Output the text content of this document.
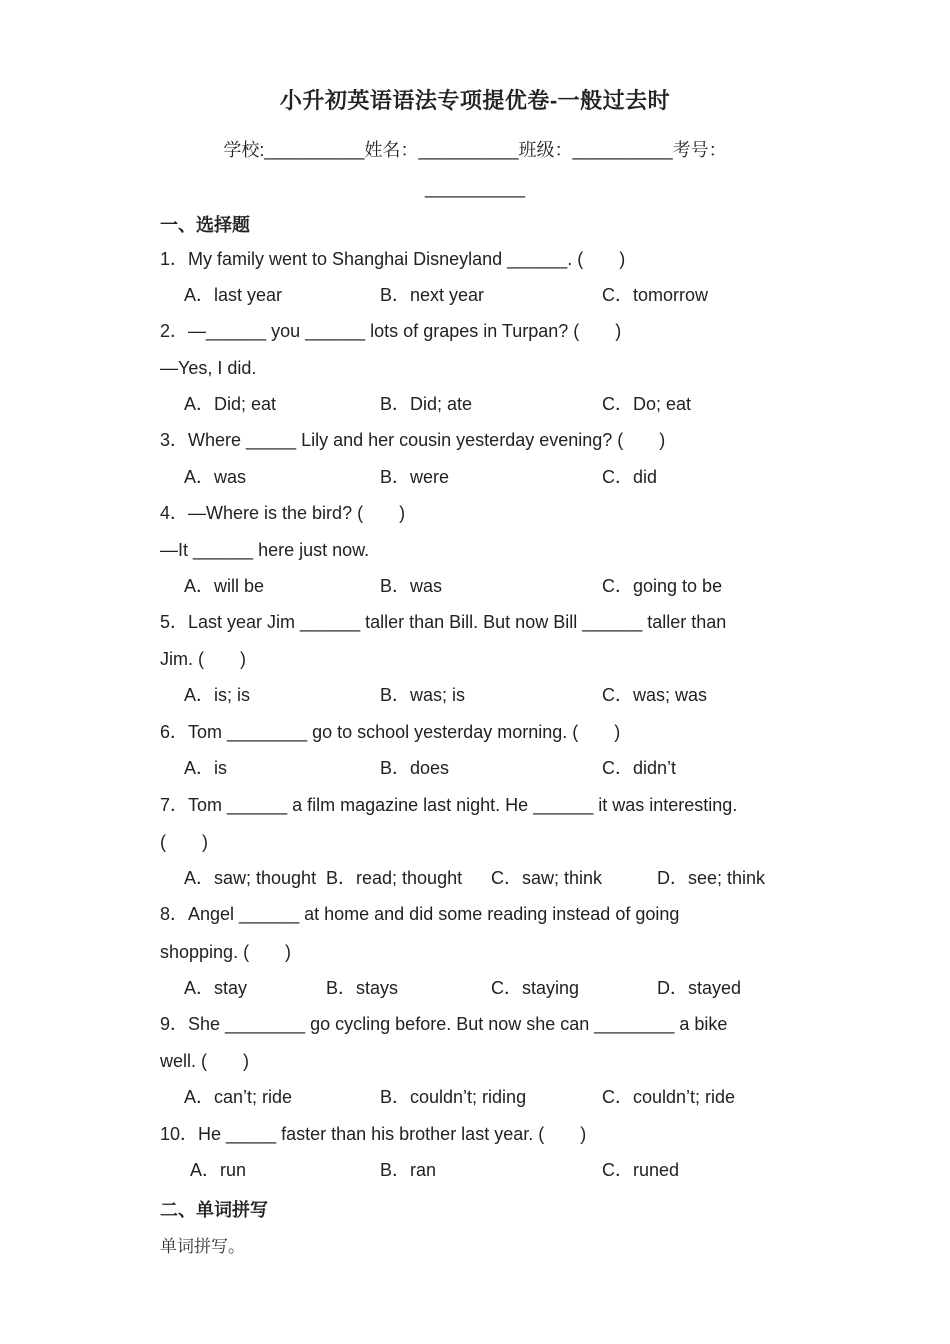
小升初英语语法专项提优卷-一般过去时
学校:__________姓名：__________班级：__________考号：
__________
一、选择题
1．My family went to Shanghai Disneyland ______. (　　)
A．last year	B．next year	C．tomorrow
2．—______ you ______ lots of grapes in Turpan? (　　)
—Yes, I did.
A．Did; eat	B．Did; ate	C．Do; eat
3．Where _____ Lily and her cousin yesterday evening? (　　)
A．was	B．were	C．did
4．—Where is the bird? (　　)
—It ______ here just now.
A．will be	B．was	C．going to be
5．Last year Jim ______ taller than Bill. But now Bill ______ taller than
Jim. (　　)
A．is; is	B．was; is	C．was; was
6．Tom ________ go to school yesterday morning. (　　)
A．is	B．does	C．didn’t
7．Tom ______ a film magazine last night. He ______ it was interesting.
(　　)
A．saw; thought B．read; thought C．saw; think	D．see; think
8．Angel ______ at home and did some reading instead of going
shopping. (　　)
A．stay	B．stays	C．staying	D．stayed
9．She ________ go cycling before. But now she can ________ a bike
well. (　　)
A．can’t; ride	B．couldn’t; riding	C．couldn’t; ride
10．He _____ faster than his brother last year. (　　)
A．run	B．ran	C．runed
二、单词拼写
单词拼写。
